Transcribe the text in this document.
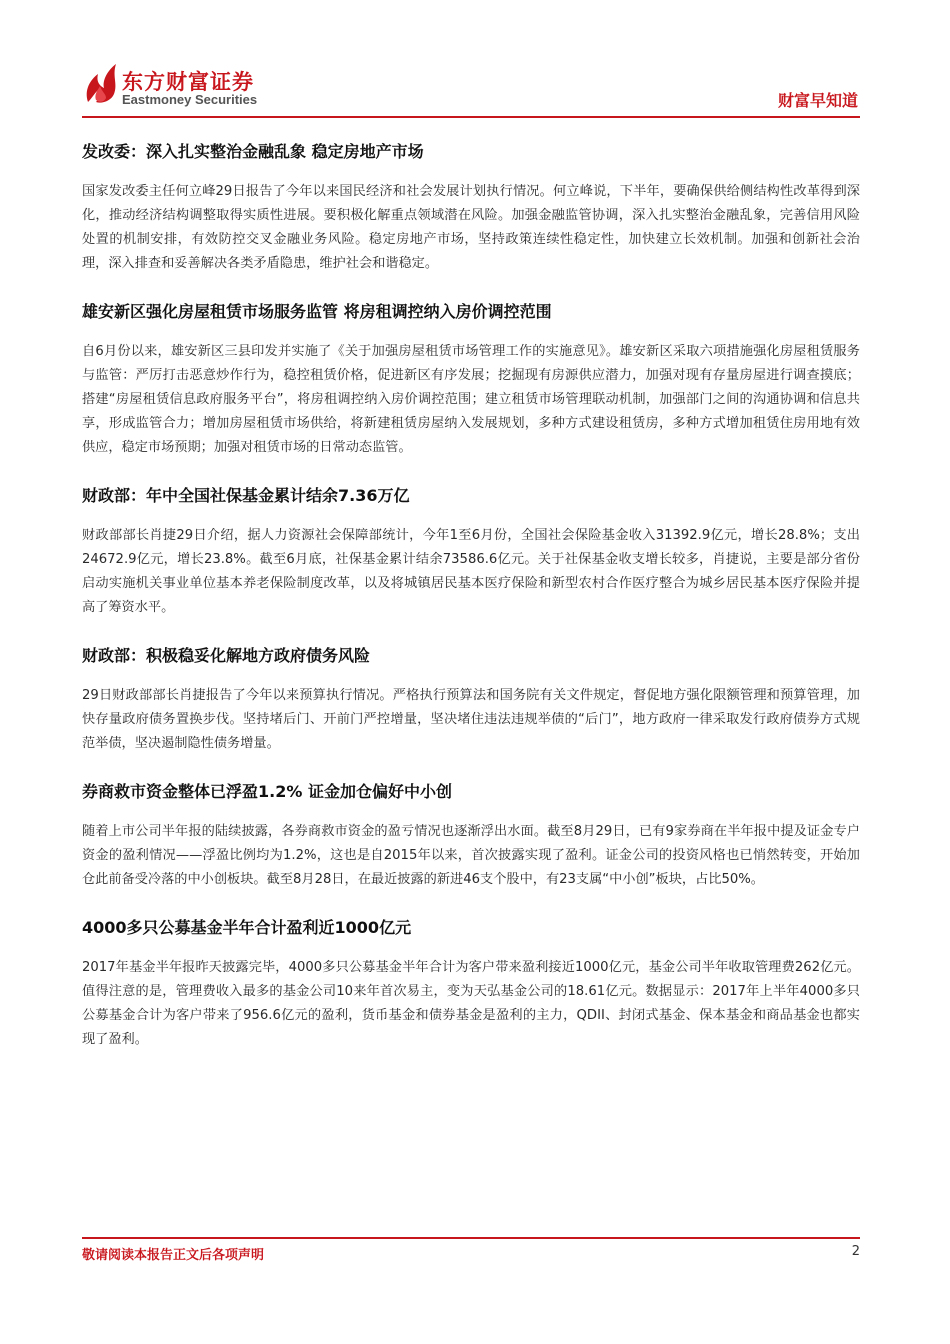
东方财富证券
Eastmoney Securities	财富早知道
发改委：深入扎实整治金融乱象 稳定房地产市场

国家发改委主任何立峰29日报告了今年以来国民经济和社会发展计划执行情况。何立峰说，下半年，要确保供给侧结构性改革得到深化，推动经济结构调整取得实质性进展。要积极化解重点领域潜在风险。加强金融监管协调，深入扎实整治金融乱象，完善信用风险处置的机制安排，有效防控交叉金融业务风险。稳定房地产市场，坚持政策连续性稳定性，加快建立长效机制。加强和创新社会治理，深入排查和妥善解决各类矛盾隐患，维护社会和谐稳定。

雄安新区强化房屋租赁市场服务监管 将房租调控纳入房价调控范围

自6月份以来，雄安新区三县印发并实施了《关于加强房屋租赁市场管理工作的实施意见》。雄安新区采取六项措施强化房屋租赁服务与监管：严厉打击恶意炒作行为，稳控租赁价格，促进新区有序发展；挖掘现有房源供应潜力，加强对现有存量房屋进行调查摸底；搭建“房屋租赁信息政府服务平台”，将房租调控纳入房价调控范围；建立租赁市场管理联动机制，加强部门之间的沟通协调和信息共享，形成监管合力；增加房屋租赁市场供给，将新建租赁房屋纳入发展规划，多种方式建设租赁房，多种方式增加租赁住房用地有效供应，稳定市场预期；加强对租赁市场的日常动态监管。

财政部：年中全国社保基金累计结余7.36万亿

财政部部长肖捷29日介绍，据人力资源社会保障部统计，今年1至6月份，全国社会保险基金收入31392.9亿元，增长28.8%；支出24672.9亿元，增长23.8%。截至6月底，社保基金累计结余73586.6亿元。关于社保基金收支增长较多，肖捷说，主要是部分省份启动实施机关事业单位基本养老保险制度改革，以及将城镇居民基本医疗保险和新型农村合作医疗整合为城乡居民基本医疗保险并提高了筹资水平。

财政部：积极稳妥化解地方政府债务风险

29日财政部部长肖捷报告了今年以来预算执行情况。严格执行预算法和国务院有关文件规定，督促地方强化限额管理和预算管理，加快存量政府债务置换步伐。坚持堵后门、开前门严控增量，坚决堵住违法违规举债的“后门”，地方政府一律采取发行政府债券方式规范举债，坚决遏制隐性债务增量。

券商救市资金整体已浮盈1.2% 证金加仓偏好中小创

随着上市公司半年报的陆续披露，各券商救市资金的盈亏情况也逐渐浮出水面。截至8月29日，已有9家券商在半年报中提及证金专户资金的盈利情况——浮盈比例均为1.2%，这也是自2015年以来，首次披露实现了盈利。证金公司的投资风格也已悄然转变，开始加仓此前备受冷落的中小创板块。截至8月28日，在最近披露的新进46支个股中，有23支属“中小创”板块，占比50%。

4000多只公募基金半年合计盈利近1000亿元

2017年基金半年报昨天披露完毕，4000多只公募基金半年合计为客户带来盈利接近1000亿元，基金公司半年收取管理费262亿元。值得注意的是，管理费收入最多的基金公司10来年首次易主，变为天弘基金公司的18.61亿元。数据显示：2017年上半年4000多只公募基金合计为客户带来了956.6亿元的盈利，货币基金和债券基金是盈利的主力，QDII、封闭式基金、保本基金和商品基金也都实现了盈利。

敬请阅读本报告正文后各项声明	2
